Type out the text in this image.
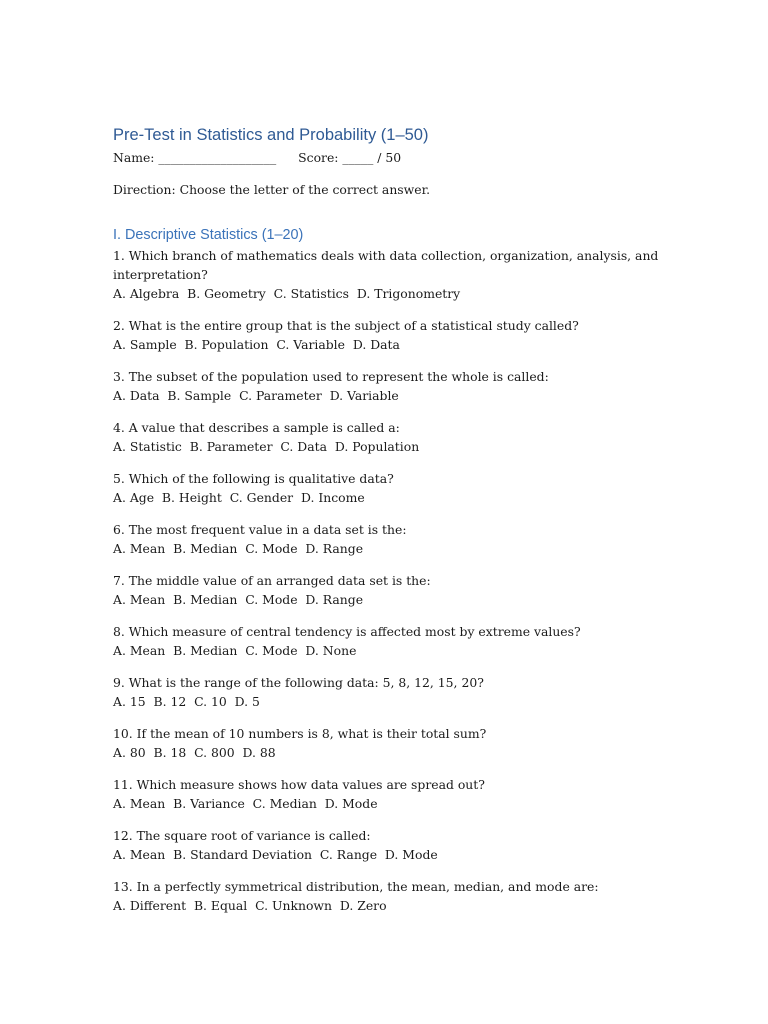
Pre-Test in Statistics and Probability (1–50)
Name: ___________________ Score: _____ / 50
Direction: Choose the letter of the correct answer.
I. Descriptive Statistics (1–20)

1. Which branch of mathematics deals with data collection, organization, analysis, and interpretation?

A. Algebra  B. Geometry  C. Statistics  D. Trigonometry

2. What is the entire group that is the subject of a statistical study called?

A. Sample  B. Population  C. Variable  D. Data

3. The subset of the population used to represent the whole is called:

A. Data  B. Sample  C. Parameter  D. Variable

4. A value that describes a sample is called a:

A. Statistic  B. Parameter  C. Data  D. Population

5. Which of the following is qualitative data?

A. Age  B. Height  C. Gender  D. Income

6. The most frequent value in a data set is the:

A. Mean  B. Median  C. Mode  D. Range

7. The middle value of an arranged data set is the:

A. Mean  B. Median  C. Mode  D. Range

8. Which measure of central tendency is affected most by extreme values?

A. Mean  B. Median  C. Mode  D. None

9. What is the range of the following data: 5, 8, 12, 15, 20?

A. 15  B. 12  C. 10  D. 5

10. If the mean of 10 numbers is 8, what is their total sum?

A. 80  B. 18  C. 800  D. 88

11. Which measure shows how data values are spread out?

A. Mean  B. Variance  C. Median  D. Mode

12. The square root of variance is called:

A. Mean  B. Standard Deviation  C. Range  D. Mode

13. In a perfectly symmetrical distribution, the mean, median, and mode are:

A. Different  B. Equal  C. Unknown  D. Zero
